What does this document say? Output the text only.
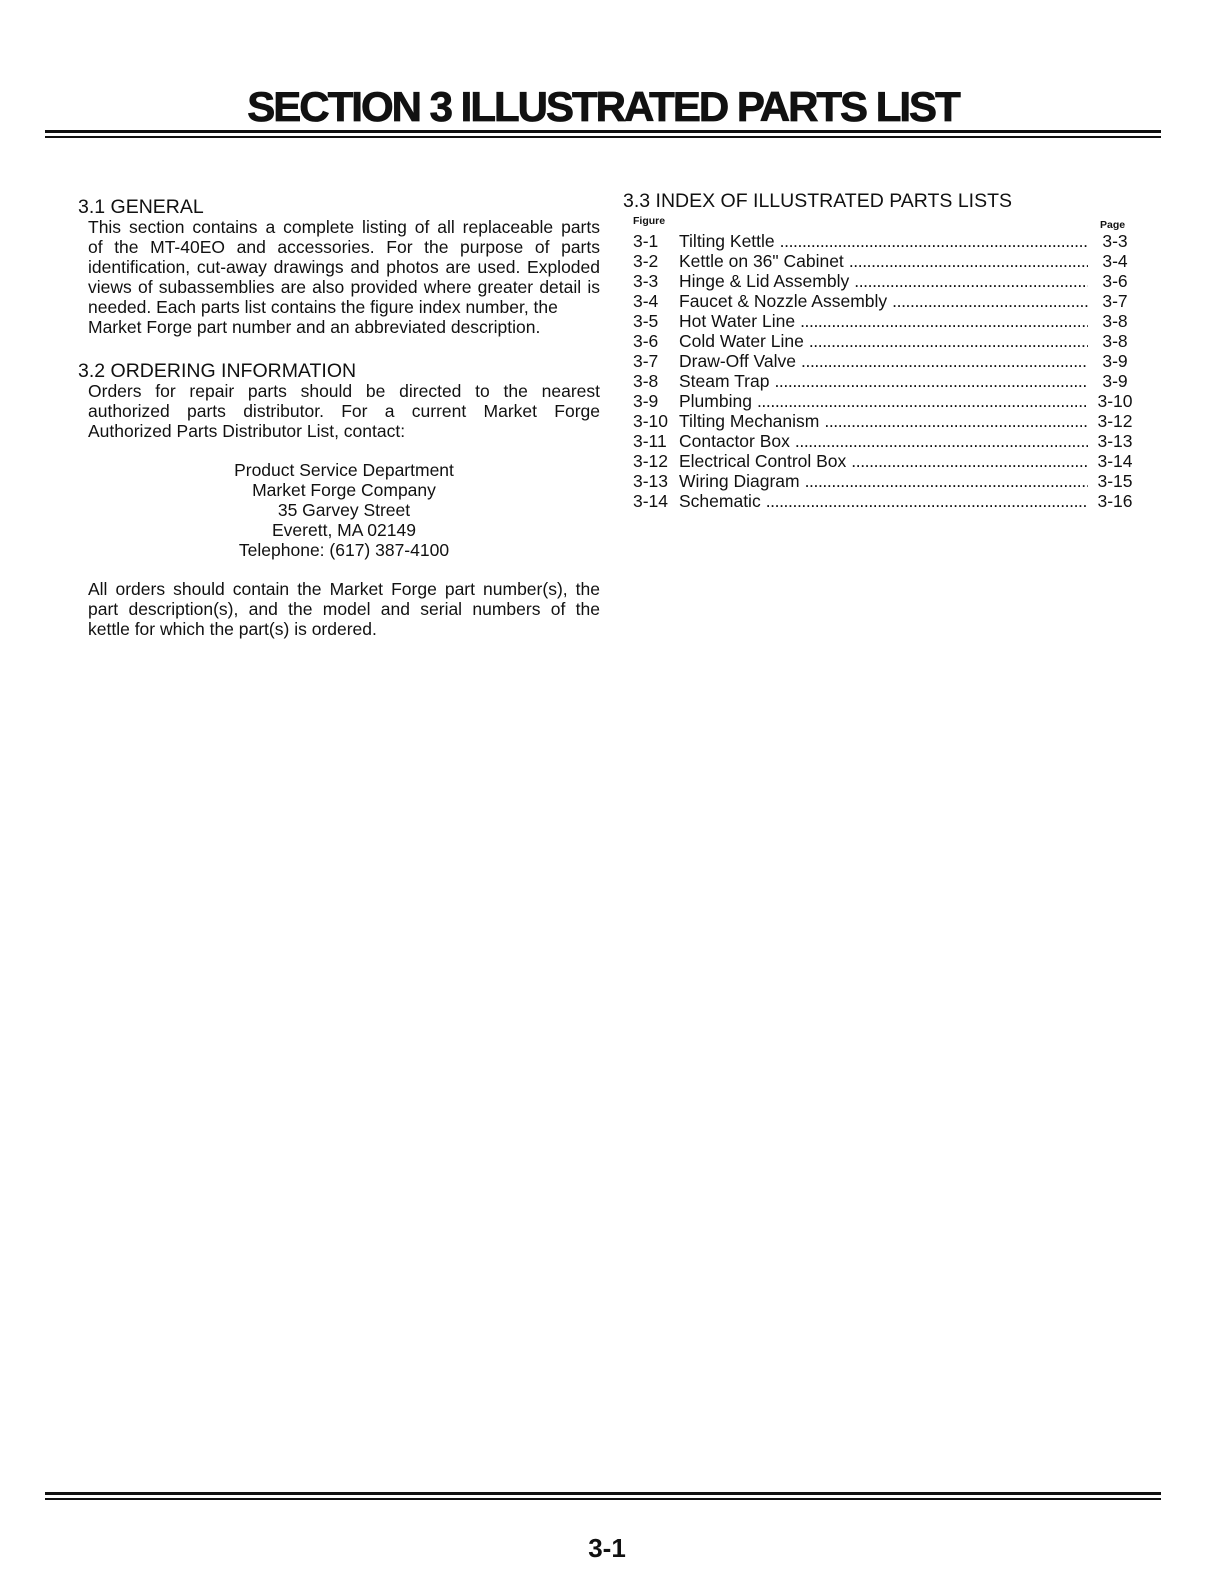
SECTION 3 ILLUSTRATED PARTS LIST
3.1 GENERAL
This section contains a complete listing of all replaceable parts
of the MT-40EO and accessories. For the purpose of parts
identification, cut-away drawings and photos are used. Exploded
views of subassemblies are also provided where greater detail is
needed. Each parts list contains the figure index number, the
Market Forge part number and an abbreviated description.
3.2 ORDERING INFORMATION
Orders for repair parts should be directed to the nearest
authorized parts distributor. For a current Market Forge
Authorized Parts Distributor List, contact:
Product Service Department
Market Forge Company
35 Garvey Street
Everett, MA 02149
Telephone: (617) 387-4100
All orders should contain the Market Forge part number(s), the
part description(s), and the model and serial numbers of the
kettle for which the part(s) is ordered.
3.3 INDEX OF ILLUSTRATED PARTS LISTS
Figure	Page
3-1	Tilting Kettle .....	3-3
3-2	Kettle on 36" Cabinet .....	3-4
3-3	Hinge & Lid Assembly .....	3-6
3-4	Faucet & Nozzle Assembly .....	3-7
3-5	Hot Water Line .....	3-8
3-6	Cold Water Line .....	3-8
3-7	Draw-Off Valve .....	3-9
3-8	Steam Trap .....	3-9
3-9	Plumbing .....	3-10
3-10 Tilting Mechanism .....	3-12
3-11 Contactor Box .....	3-13
3-12 Electrical Control Box .....	3-14
3-13 Wiring Diagram .....	3-15
3-14 Schematic .....	3-16
3-1
